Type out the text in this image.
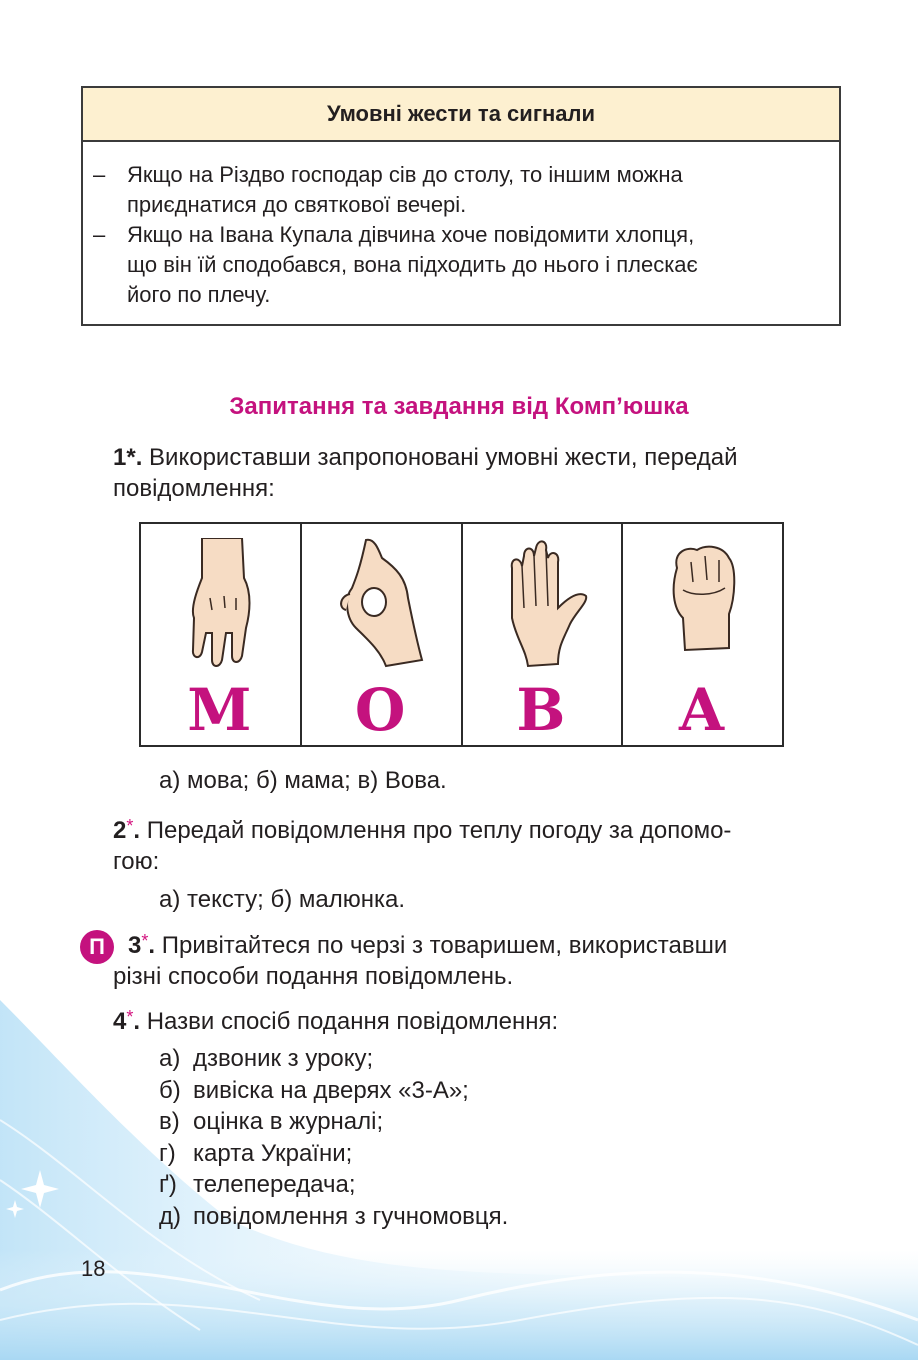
Умовні жести та сигнали
– Якщо на Різдво господар сів до столу, то іншим можна
приєднатися до святкової вечері.
– Якщо на Івана Купала дівчина хоче повідомити хлопця,
що він їй сподобався, вона підходить до нього і плескає
його по плечу.
Запитання та завдання від Комп’юшка
1*. Використавши запропоновані умовні жести, передай
повідомлення:
М	О	В	А
а) мова; б) мама; в) Вова.
2*. Передай повідомлення про теплу погоду за допомо-
гою:
а) тексту; б) малюнка.
П 3*. Привітайтеся по черзі з товаришем, використавши
різні способи подання повідомлень.
4*. Назви спосіб подання повідомлення:
а) дзвоник з уроку;
б) вивіска на дверях «3-А»;
в) оцінка в журналі;
г) карта України;
ґ) телепередача;
д) повідомлення з гучномовця.
18
